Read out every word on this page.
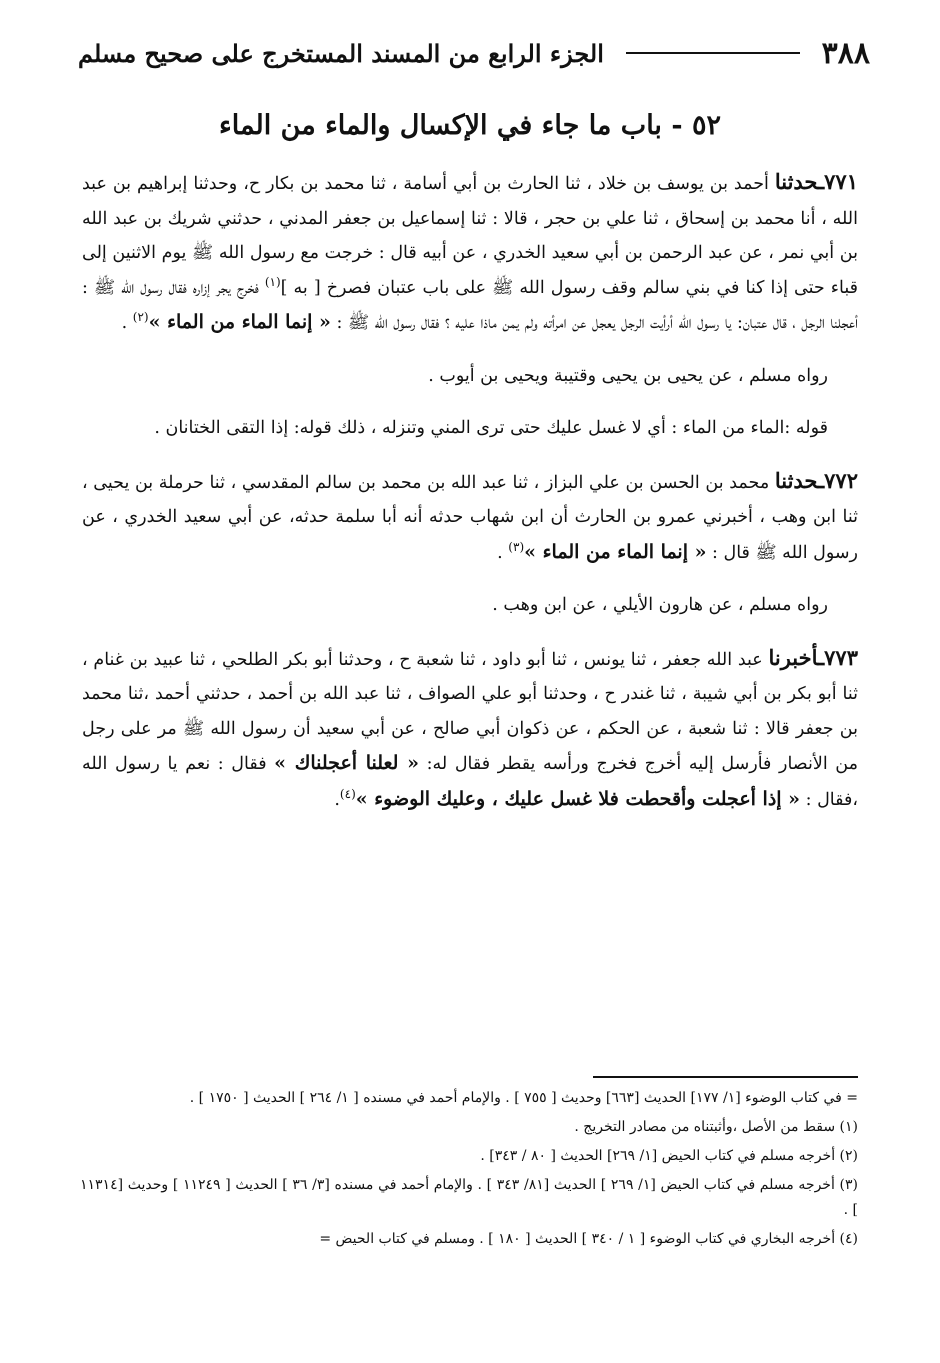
٣٨٨
الجزء الرابع من المسند المستخرج على صحيح مسلم
٥٢ - باب ما جاء في الإكسال والماء من الماء

٧٧١ـحدثنا أحمد بن يوسف بن خلاد ، ثنا الحارث بن أبي أسامة ، ثنا محمد بن بكار ح، وحدثنا إبراهيم بن عبد الله ، أنا محمد بن إسحاق ، ثنا علي بن حجر ، قالا : ثنا إسماعيل بن جعفر المدني ، حدثني شريك بن عبد الله بن أبي نمر ، عن عبد الرحمن بن أبي سعيد الخدري ، عن أبيه قال : خرجت مع رسول الله ﷺ يوم الاثنين إلى قباء حتى إذا كنا في بني سالم وقف رسول الله ﷺ على باب عتبان فصرخ [ به ]$^{(١)}$ فخرج يجر إزاره فقال رسول الله ﷺ : أعجلنا الرجل ، قال عتبان: يا رسول الله أرأيت الرجل يعجل عن امرأته ولم يمن ماذا عليه ؟ فقال رسول الله ﷺ : « إنما الماء من الماء »$^{(٢)}$ .

رواه مسلم ، عن يحيى بن يحيى وقتيبة ويحيى بن أيوب .

قوله :الماء من الماء : أي لا غسل عليك حتى ترى المني وتنزله ، ذلك قوله: إذا التقى الختانان .

٧٧٢ـحدثنا محمد بن الحسن بن علي البزاز ، ثنا عبد الله بن محمد بن سالم المقدسي ، ثنا حرملة بن يحيى ، ثنا ابن وهب ، أخبرني عمرو بن الحارث أن ابن شهاب حدثه أنه أبا سلمة حدثه، عن أبي سعيد الخدري ، عن رسول الله ﷺ قال : « إنما الماء من الماء »$^{(٣)}$ .

رواه مسلم ، عن هارون الأيلي ، عن ابن وهب .

٧٧٣ـأخبرنا عبد الله جعفر ، ثنا يونس ، ثنا أبو داود ، ثنا شعبة ح ، وحدثنا أبو بكر الطلحي ، ثنا عبيد بن غنام ، ثنا أبو بكر بن أبي شيبة ، ثنا غندر ح ، وحدثنا أبو علي الصواف ، ثنا عبد الله بن أحمد ، حدثني أحمد ،ثنا محمد بن جعفر قالا : ثنا شعبة ، عن الحكم ، عن ذكوان أبي صالح ، عن أبي سعيد أن رسول الله ﷺ مر على رجل من الأنصار فأرسل إليه أخرج فخرج ورأسه يقطر فقال له: « لعلنا أعجلناك » فقال : نعم يا رسول الله ،فقال : « إذا أعجلت وأقحطت فلا غسل عليك ، وعليك الوضوء »$^{(٤)}$.

= في كتاب الوضوء [١/ ١٧٧] الحديث [٦٦٣] وحديث [ ٧٥٥ ] . والإمام أحمد في مسنده [ ١/ ٢٦٤ ] الحديث [ ١٧٥٠ ] .

(١) سقط من الأصل ،وأثبتناه من مصادر التخريج .

(٢) أخرجه مسلم في كتاب الحيض [١/ ٢٦٩] الحديث [ ٨٠ / ٣٤٣] .

(٣) أخرجه مسلم في كتاب الحيض [١/ ٢٦٩ ] الحديث [٨١/ ٣٤٣ ] . والإمام أحمد في مسنده [٣/ ٣٦ ] الحديث [ ١١٢٤٩ ] وحديث [١١٣١٤ ] .

(٤) أخرجه البخاري في كتاب الوضوء [ ١ / ٣٤٠ ] الحديث [ ١٨٠ ] . ومسلم في كتاب الحيض =
